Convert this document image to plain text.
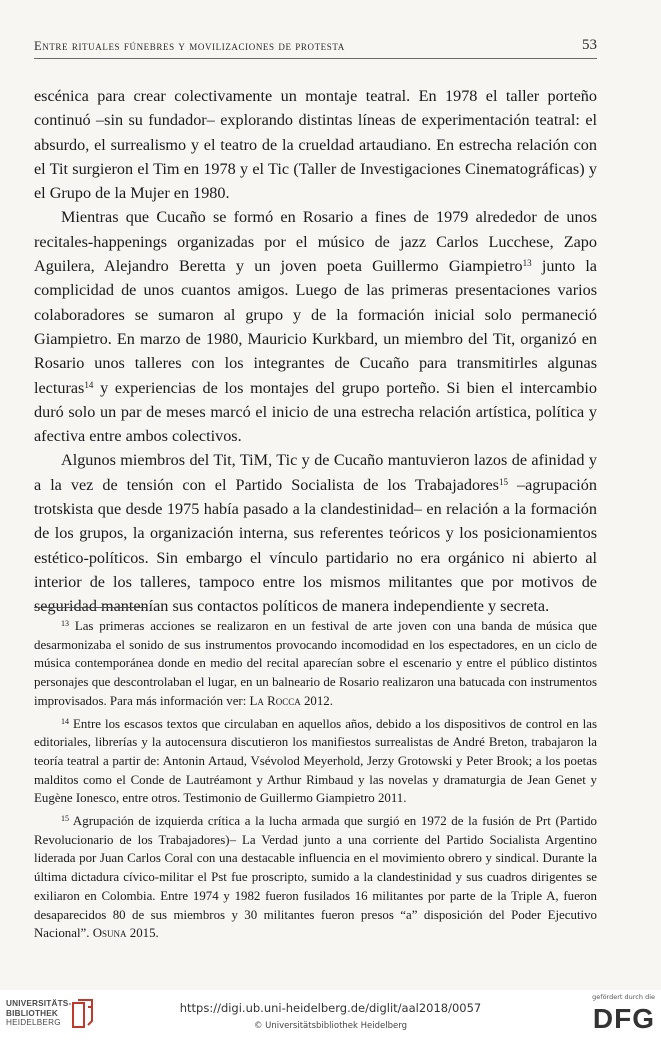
Entre rituales fúnebres y movilizaciones de protesta	53

escénica para crear colectivamente un montaje teatral. En 1978 el taller porteño continuó –sin su fundador– explorando distintas líneas de experimentación teatral: el absurdo, el surrealismo y el teatro de la crueldad artaudiano. En estrecha relación con el Tit surgieron el Tim en 1978 y el Tic (Taller de Investigaciones Cinematográficas) y el Grupo de la Mujer en 1980.

Mientras que Cucaño se formó en Rosario a fines de 1979 alrededor de unos recitales-happenings organizadas por el músico de jazz Carlos Lucchese, Zapo Aguilera, Alejandro Beretta y un joven poeta Guillermo Giampietro$^{13}$ junto la complicidad de unos cuantos amigos. Luego de las primeras presentaciones varios colaboradores se sumaron al grupo y de la formación inicial solo permaneció Giampietro. En marzo de 1980, Mauricio Kurkbard, un miembro del Tit, organizó en Rosario unos talleres con los integrantes de Cucaño para transmitirles algunas lecturas$^{14}$ y experiencias de los montajes del grupo porteño. Si bien el intercambio duró solo un par de meses marcó el inicio de una estrecha relación artística, política y afectiva entre ambos colectivos.

Algunos miembros del Tit, TiM, Tic y de Cucaño mantuvieron lazos de afinidad y a la vez de tensión con el Partido Socialista de los Trabajadores$^{15}$ –agrupación trotskista que desde 1975 había pasado a la clandestinidad– en relación a la formación de los grupos, la organización interna, sus referentes teóricos y los posicionamientos estético-políticos. Sin embargo el vínculo partidario no era orgánico ni abierto al interior de los talleres, tampoco entre los mismos militantes que por motivos de seguridad mantenían sus contactos políticos de manera independiente y secreta.

$^{13}$ Las primeras acciones se realizaron en un festival de arte joven con una banda de música que desarmonizaba el sonido de sus instrumentos provocando incomodidad en los espectadores, en un ciclo de música contemporánea donde en medio del recital aparecían sobre el escenario y entre el público distintos personajes que descontrolaban el lugar, en un balneario de Rosario realizaron una batucada con instrumentos improvisados. Para más información ver: La Rocca 2012.

$^{14}$ Entre los escasos textos que circulaban en aquellos años, debido a los dispositivos de control en las editoriales, librerías y la autocensura discutieron los manifiestos surrealistas de André Breton, trabajaron la teoría teatral a partir de: Antonin Artaud, Vsévolod Meyerhold, Jerzy Grotowski y Peter Brook; a los poetas malditos como el Conde de Lautréamont y Arthur Rimbaud y las novelas y dramaturgia de Jean Genet y Eugène Ionesco, entre otros. Testimonio de Guillermo Giampietro 2011.

$^{15}$ Agrupación de izquierda crítica a la lucha armada que surgió en 1972 de la fusión de Prt (Partido Revolucionario de los Trabajadores)– La Verdad junto a una corriente del Partido Socialista Argentino liderada por Juan Carlos Coral con una destacable influencia en el movimiento obrero y sindical. Durante la última dictadura cívico-militar el Pst fue proscripto, sumido a la clandestinidad y sus cuadros dirigentes se exiliaron en Colombia. Entre 1974 y 1982 fueron fusilados 16 militantes por parte de la Triple A, fueron desaparecidos 80 de sus miembros y 30 militantes fueron presos “a” disposición del Poder Ejecutivo Nacional”. Osuna 2015.

UNIVERSITÄTS-
BIBLIOTHEK
HEIDELBERG
https://digi.ub.uni-heidelberg.de/diglit/aal2018/0057
© Universitätsbibliothek Heidelberg
gefördert durch die
DFG
